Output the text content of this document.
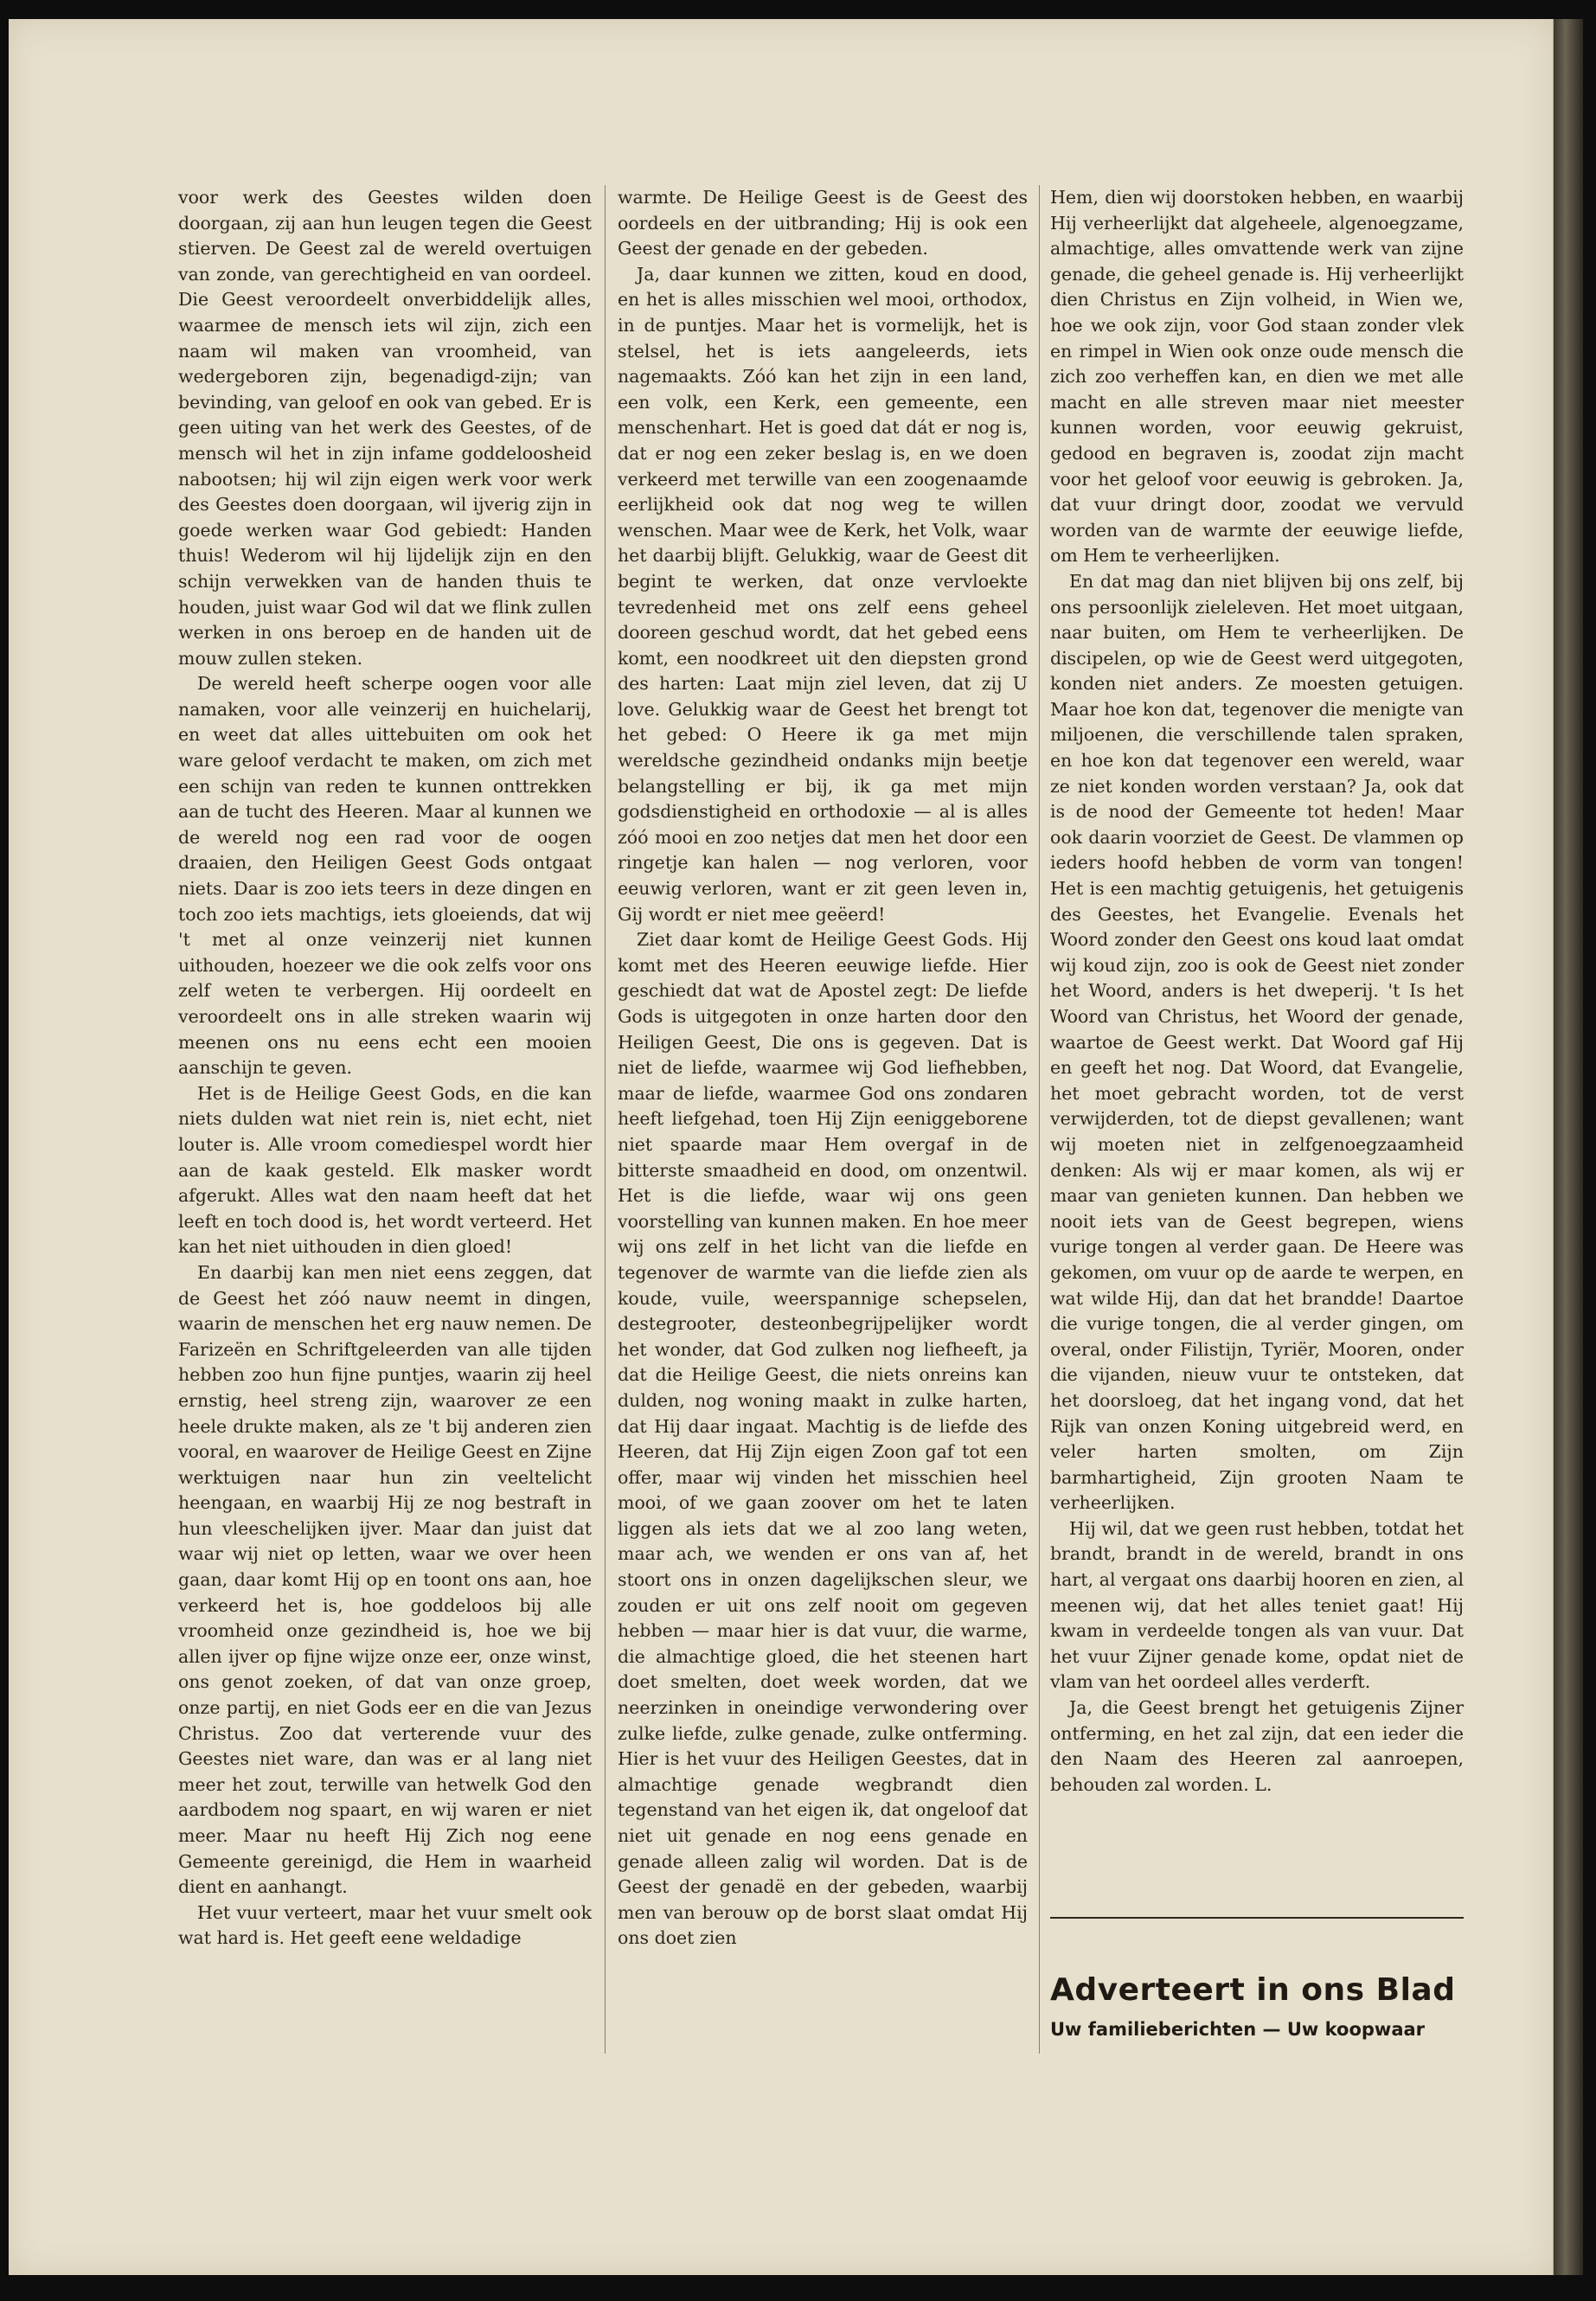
voor werk des Geestes wilden doen doorgaan, zij aan hun leugen tegen die Geest stierven. De Geest zal de wereld overtuigen van zonde, van gerechtigheid en van oordeel. Die Geest veroordeelt onverbiddelijk alles, waarmee de mensch iets wil zijn, zich een naam wil maken van vroomheid, van wedergeboren zijn, begenadigd-zijn; van bevinding, van geloof en ook van gebed. Er is geen uiting van het werk des Geestes, of de mensch wil het in zijn infame goddeloosheid nabootsen; hij wil zijn eigen werk voor werk des Geestes doen doorgaan, wil ijverig zijn in goede werken waar God gebiedt: Handen thuis! Wederom wil hij lijdelijk zijn en den schijn verwekken van de handen thuis te houden, juist waar God wil dat we flink zullen werken in ons beroep en de handen uit de mouw zullen steken.

De wereld heeft scherpe oogen voor alle namaken, voor alle veinzerij en huichelarij, en weet dat alles uittebuiten om ook het ware geloof verdacht te maken, om zich met een schijn van reden te kunnen onttrekken aan de tucht des Heeren. Maar al kunnen we de wereld nog een rad voor de oogen draaien, den Heiligen Geest Gods ontgaat niets. Daar is zoo iets teers in deze dingen en toch zoo iets machtigs, iets gloeiends, dat wij 't met al onze veinzerij niet kunnen uithouden, hoezeer we die ook zelfs voor ons zelf weten te verbergen. Hij oordeelt en veroordeelt ons in alle streken waarin wij meenen ons nu eens echt een mooien aanschijn te geven.

Het is de Heilige Geest Gods, en die kan niets dulden wat niet rein is, niet echt, niet louter is. Alle vroom comediespel wordt hier aan de kaak gesteld. Elk masker wordt afgerukt. Alles wat den naam heeft dat het leeft en toch dood is, het wordt verteerd. Het kan het niet uithouden in dien gloed!

En daarbij kan men niet eens zeggen, dat de Geest het zóó nauw neemt in dingen, waarin de menschen het erg nauw nemen. De Farizeën en Schriftgeleerden van alle tijden hebben zoo hun fijne puntjes, waarin zij heel ernstig, heel streng zijn, waarover ze een heele drukte maken, als ze 't bij anderen zien vooral, en waarover de Heilige Geest en Zijne werktuigen naar hun zin veeltelicht heengaan, en waarbij Hij ze nog bestraft in hun vleeschelijken ijver. Maar dan juist dat waar wij niet op letten, waar we over heen gaan, daar komt Hij op en toont ons aan, hoe verkeerd het is, hoe goddeloos bij alle vroomheid onze gezindheid is, hoe we bij allen ijver op fijne wijze onze eer, onze winst, ons genot zoeken, of dat van onze groep, onze partij, en niet Gods eer en die van Jezus Christus. Zoo dat verterende vuur des Geestes niet ware, dan was er al lang niet meer het zout, terwille van hetwelk God den aardbodem nog spaart, en wij waren er niet meer. Maar nu heeft Hij Zich nog eene Gemeente gereinigd, die Hem in waarheid dient en aanhangt.

Het vuur verteert, maar het vuur smelt ook wat hard is. Het geeft eene weldadige

warmte. De Heilige Geest is de Geest des oordeels en der uitbranding; Hij is ook een Geest der genade en der gebeden.

Ja, daar kunnen we zitten, koud en dood, en het is alles misschien wel mooi, orthodox, in de puntjes. Maar het is vormelijk, het is stelsel, het is iets aangeleerds, iets nagemaakts. Zóó kan het zijn in een land, een volk, een Kerk, een gemeente, een menschenhart. Het is goed dat dát er nog is, dat er nog een zeker beslag is, en we doen verkeerd met terwille van een zoogenaamde eerlijkheid ook dat nog weg te willen wenschen. Maar wee de Kerk, het Volk, waar het daarbij blijft. Gelukkig, waar de Geest dit begint te werken, dat onze vervloekte tevredenheid met ons zelf eens geheel dooreen geschud wordt, dat het gebed eens komt, een noodkreet uit den diepsten grond des harten: Laat mijn ziel leven, dat zij U love. Gelukkig waar de Geest het brengt tot het gebed: O Heere ik ga met mijn wereldsche gezindheid ondanks mijn beetje belangstelling er bij, ik ga met mijn godsdienstigheid en orthodoxie — al is alles zóó mooi en zoo netjes dat men het door een ringetje kan halen — nog verloren, voor eeuwig verloren, want er zit geen leven in, Gij wordt er niet mee geëerd!

Ziet daar komt de Heilige Geest Gods. Hij komt met des Heeren eeuwige liefde. Hier geschiedt dat wat de Apostel zegt: De liefde Gods is uitgegoten in onze harten door den Heiligen Geest, Die ons is gegeven. Dat is niet de liefde, waarmee wij God liefhebben, maar de liefde, waarmee God ons zondaren heeft liefgehad, toen Hij Zijn eeniggeborene niet spaarde maar Hem overgaf in de bitterste smaadheid en dood, om onzentwil. Het is die liefde, waar wij ons geen voorstelling van kunnen maken. En hoe meer wij ons zelf in het licht van die liefde en tegenover de warmte van die liefde zien als koude, vuile, weerspannige schepselen, destegrooter, desteonbegrijpelijker wordt het wonder, dat God zulken nog liefheeft, ja dat die Heilige Geest, die niets onreins kan dulden, nog woning maakt in zulke harten, dat Hij daar ingaat. Machtig is de liefde des Heeren, dat Hij Zijn eigen Zoon gaf tot een offer, maar wij vinden het misschien heel mooi, of we gaan zoover om het te laten liggen als iets dat we al zoo lang weten, maar ach, we wenden er ons van af, het stoort ons in onzen dagelijkschen sleur, we zouden er uit ons zelf nooit om gegeven hebben — maar hier is dat vuur, die warme, die almachtige gloed, die het steenen hart doet smelten, doet week worden, dat we neerzinken in oneindige verwondering over zulke liefde, zulke genade, zulke ontferming. Hier is het vuur des Heiligen Geestes, dat in almachtige genade wegbrandt dien tegenstand van het eigen ik, dat ongeloof dat niet uit genade en nog eens genade en genade alleen zalig wil worden. Dat is de Geest der genadë en der gebeden, waarbij men van berouw op de borst slaat omdat Hij ons doet zien

Hem, dien wij doorstoken hebben, en waarbij Hij verheerlijkt dat algeheele, algenoegzame, almachtige, alles omvattende werk van zijne genade, die geheel genade is. Hij verheerlijkt dien Christus en Zijn volheid, in Wien we, hoe we ook zijn, voor God staan zonder vlek en rimpel in Wien ook onze oude mensch die zich zoo verheffen kan, en dien we met alle macht en alle streven maar niet meester kunnen worden, voor eeuwig gekruist, gedood en begraven is, zoodat zijn macht voor het geloof voor eeuwig is gebroken. Ja, dat vuur dringt door, zoodat we vervuld worden van de warmte der eeuwige liefde, om Hem te verheerlijken.

En dat mag dan niet blijven bij ons zelf, bij ons persoonlijk zieleleven. Het moet uitgaan, naar buiten, om Hem te verheerlijken. De discipelen, op wie de Geest werd uitgegoten, konden niet anders. Ze moesten getuigen. Maar hoe kon dat, tegenover die menigte van miljoenen, die verschillende talen spraken, en hoe kon dat tegenover een wereld, waar ze niet konden worden verstaan? Ja, ook dat is de nood der Gemeente tot heden! Maar ook daarin voorziet de Geest. De vlammen op ieders hoofd hebben de vorm van tongen! Het is een machtig getuigenis, het getuigenis des Geestes, het Evangelie. Evenals het Woord zonder den Geest ons koud laat omdat wij koud zijn, zoo is ook de Geest niet zonder het Woord, anders is het dweperij. 't Is het Woord van Christus, het Woord der genade, waartoe de Geest werkt. Dat Woord gaf Hij en geeft het nog. Dat Woord, dat Evangelie, het moet gebracht worden, tot de verst verwijderden, tot de diepst gevallenen; want wij moeten niet in zelfgenoegzaamheid denken: Als wij er maar komen, als wij er maar van genieten kunnen. Dan hebben we nooit iets van de Geest begrepen, wiens vurige tongen al verder gaan. De Heere was gekomen, om vuur op de aarde te werpen, en wat wilde Hij, dan dat het brandde! Daartoe die vurige tongen, die al verder gingen, om overal, onder Filistijn, Tyriër, Mooren, onder die vijanden, nieuw vuur te ontsteken, dat het doorsloeg, dat het ingang vond, dat het Rijk van onzen Koning uitgebreid werd, en veler harten smolten, om Zijn barmhartigheid, Zijn grooten Naam te verheerlijken.

Hij wil, dat we geen rust hebben, totdat het brandt, brandt in de wereld, brandt in ons hart, al vergaat ons daarbij hooren en zien, al meenen wij, dat het alles teniet gaat! Hij kwam in verdeelde tongen als van vuur. Dat het vuur Zijner genade kome, opdat niet de vlam van het oordeel alles verderft.

Ja, die Geest brengt het getuigenis Zijner ontferming, en het zal zijn, dat een ieder die den Naam des Heeren zal aanroepen, behouden zal worden. L.

Adverteert in ons Blad
Uw familieberichten — Uw koopwaar
